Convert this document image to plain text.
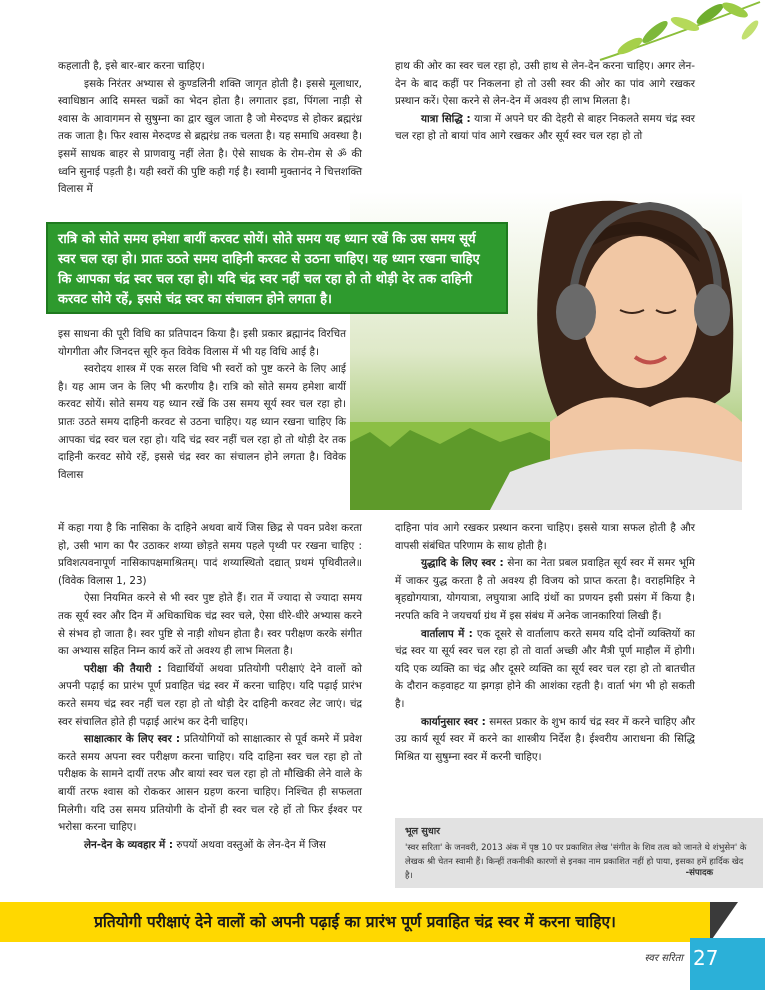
कहलाती है, इसे बार-बार करना चाहिए।

इसके निरंतर अभ्यास से कुण्डलिनी शक्ति जागृत होती है। इससे मूलाधार, स्वाधिष्ठान आदि समस्त चक्रों का भेदन होता है। लगातार इडा, पिंगला नाड़ी से श्वास के आवागमन से सुषुम्ना का द्वार खुल जाता है जो मेरुदण्ड से होकर ब्रह्मरंध्र तक जाता है। फिर श्वास मेरुदण्ड से ब्रह्मरंध्र तक चलता है। यह समाधि अवस्था है। इसमें साधक बाहर से प्राणवायु नहीं लेता है। ऐसे साधक के रोम-रोम से ॐ की ध्वनि सुनाई पड़ती है। यही स्वरों की पुष्टि कही गई है। स्वामी मुक्तानंद ने चित्तशक्ति विलास में

हाथ की ओर का स्वर चल रहा हो, उसी हाथ से लेन-देन करना चाहिए। अगर लेन-देन के बाद कहीं पर निकलना हो तो उसी स्वर की ओर का पांव आगे रखकर प्रस्थान करें। ऐसा करने से लेन-देन में अवश्य ही लाभ मिलता है।

यात्रा सिद्धि : यात्रा में अपने घर की देहरी से बाहर निकलते समय चंद्र स्वर चल रहा हो तो बायां पांव आगे रखकर और सूर्य स्वर चल रहा हो तो

रात्रि को सोते समय हमेशा बायीं करवट सोयें। सोते समय यह ध्यान रखें कि उस समय सूर्य स्वर चल रहा हो। प्रातः उठते समय दाहिनी करवट से उठना चाहिए। यह ध्यान रखना चाहिए कि आपका चंद्र स्वर चल रहा हो। यदि चंद्र स्वर नहीं चल रहा हो तो थोड़ी देर तक दाहिनी करवट सोये रहें, इससे चंद्र स्वर का संचालन होने लगता है।

इस साधना की पूरी विधि का प्रतिपादन किया है। इसी प्रकार ब्रह्मानंद विरचित योगगीता और जिनदत्त सूरि कृत विवेक विलास में भी यह विधि आई है।

स्वरोदय शास्त्र में एक सरल विधि भी स्वरों को पुष्ट करने के लिए आई है। यह आम जन के लिए भी करणीय है। रात्रि को सोते समय हमेशा बायीं करवट सोयें। सोते समय यह ध्यान रखें कि उस समय सूर्य स्वर चल रहा हो। प्रातः उठते समय दाहिनी करवट से उठना चाहिए। यह ध्यान रखना चाहिए कि आपका चंद्र स्वर चल रहा हो। यदि चंद्र स्वर नहीं चल रहा हो तो थोड़ी देर तक दाहिनी करवट सोये रहें, इससे चंद्र स्वर का संचालन होने लगता है। विवेक विलास

में कहा गया है कि नासिका के दाहिने अथवा बायें जिस छिद्र से पवन प्रवेश करता हो, उसी भाग का पैर उठाकर शय्या छोड़ते समय पहले पृथ्वी पर रखना चाहिए : प्रविशत्पवनापूर्ण नासिकापक्षमाश्रितम्। पादं शय्यास्थितो दद्यात् प्रथमं पृथिवीतले॥ (विवेक विलास 1, 23)

ऐसा नियमित करने से भी स्वर पुष्ट होते हैं। रात में ज्यादा से ज्यादा समय तक सूर्य स्वर और दिन में अधिकाधिक चंद्र स्वर चले, ऐसा धीरे-धीरे अभ्यास करने से संभव हो जाता है। स्वर पुष्टि से नाड़ी शोधन होता है। स्वर परीक्षण करके संगीत का अभ्यास सहित निम्न कार्य करें तो अवश्य ही लाभ मिलता है।

परीक्षा की तैयारी : विद्यार्थियों अथवा प्रतियोगी परीक्षाएं देने वालों को अपनी पढ़ाई का प्रारंभ पूर्ण प्रवाहित चंद्र स्वर में करना चाहिए। यदि पढ़ाई प्रारंभ करते समय चंद्र स्वर नहीं चल रहा हो तो थोड़ी देर दाहिनी करवट लेट जाएं। चंद्र स्वर संचालित होते ही पढ़ाई आरंभ कर देनी चाहिए।

साक्षात्कार के लिए स्वर : प्रतियोगियों को साक्षात्कार से पूर्व कमरे में प्रवेश करते समय अपना स्वर परीक्षण करना चाहिए। यदि दाहिना स्वर चल रहा हो तो परीक्षक के सामने दायीं तरफ और बायां स्वर चल रहा हो तो मौखिकी लेने वाले के बायीं तरफ श्वास को रोककर आसन ग्रहण करना चाहिए। निश्चित ही सफलता मिलेगी। यदि उस समय प्रतियोगी के दोनों ही स्वर चल रहे हों तो फिर ईश्वर पर भरोसा करना चाहिए।

लेन-देन के व्यवहार में : रुपयों अथवा वस्तुओं के लेन-देन में जिस

दाहिना पांव आगे रखकर प्रस्थान करना चाहिए। इससे यात्रा सफल होती है और वापसी संबंधित परिणाम के साथ होती है।

युद्धादि के लिए स्वर : सेना का नेता प्रबल प्रवाहित सूर्य स्वर में समर भूमि में जाकर युद्ध करता है तो अवश्य ही विजय को प्राप्त करता है। वराहमिहिर ने बृहद्योगयात्रा, योगयात्रा, लघुयात्रा आदि ग्रंथों का प्रणयन इसी प्रसंग में किया है। नरपति कवि ने जयचर्या ग्रंथ में इस संबंध में अनेक जानकारियां लिखी हैं।

वार्तालाप में : एक दूसरे से वार्तालाप करते समय यदि दोनों व्यक्तियों का चंद्र स्वर या सूर्य स्वर चल रहा हो तो वार्ता अच्छी और मैत्री पूर्ण माहौल में होगी। यदि एक व्यक्ति का चंद्र और दूसरे व्यक्ति का सूर्य स्वर चल रहा हो तो बातचीत के दौरान कड़वाहट या झगड़ा होने की आशंका रहती है। वार्ता भंग भी हो सकती है।

कार्यानुसार स्वर : समस्त प्रकार के शुभ कार्य चंद्र स्वर में करने चाहिए और उग्र कार्य सूर्य स्वर में करने का शास्त्रीय निर्देश है। ईश्वरीय आराधना की सिद्धि मिश्रित या सुषुम्ना स्वर में करनी चाहिए।

भूल सुधार
'स्वर सरिता' के जनवरी, 2013 अंक में पृष्ठ 10 पर प्रकाशित लेख 'संगीत के शिव तत्व को जानते थे शंभुसेन' के लेखक श्री चेतन स्वामी हैं। किन्हीं तकनीकी कारणों से इनका नाम प्रकाशित नहीं हो पाया, इसका हमें हार्दिक खेद है।	-संपादक
प्रतियोगी परीक्षाएं देने वालों को अपनी पढ़ाई का प्रारंभ पूर्ण प्रवाहित चंद्र स्वर में करना चाहिए।
स्वर सरिता 27
